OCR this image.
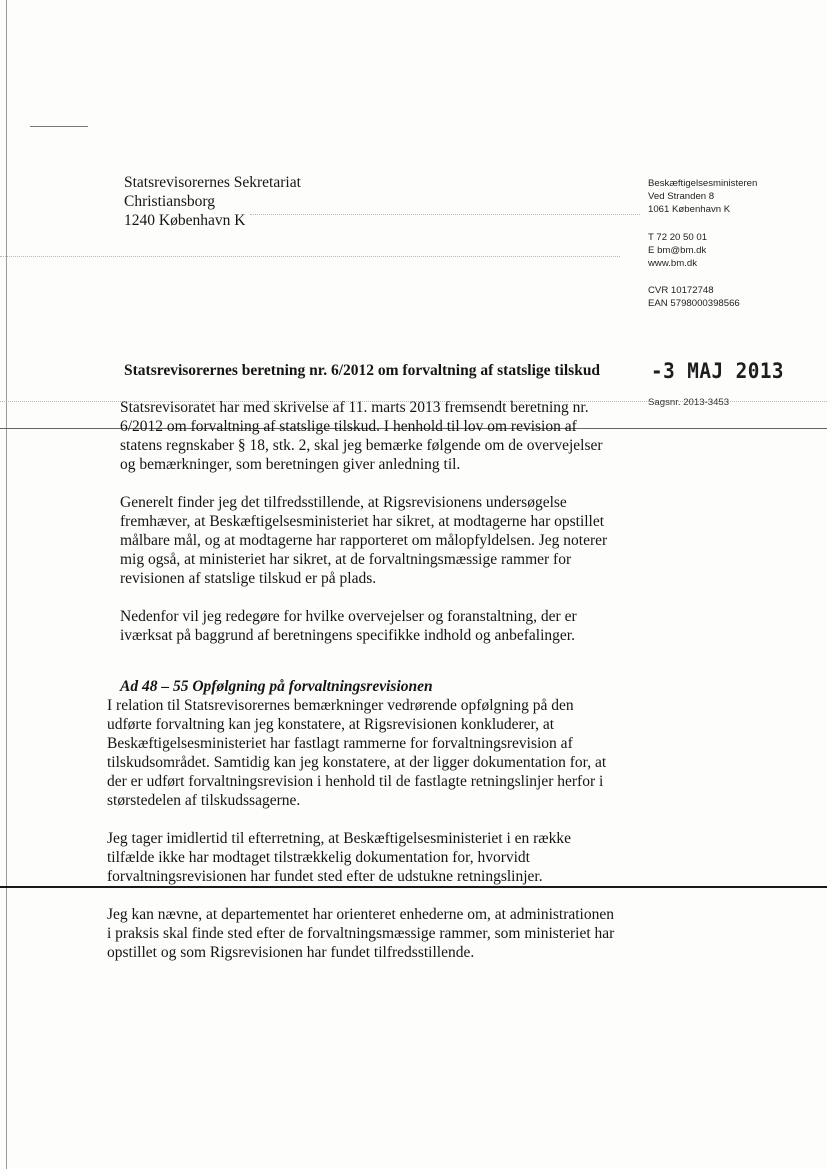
Statsrevisorernes Sekretariat
Christiansborg
1240 København K
Beskæftigelsesministeren
Ved Stranden 8
1061 København K
T 72 20 50 01
E bm@bm.dk
www.bm.dk
CVR 10172748
EAN 5798000398566
-3 MAJ 2013
Sagsnr. 2013-3453
Statsrevisorernes beretning nr. 6/2012 om forvaltning af statslige tilskud

Statsrevisoratet har med skrivelse af 11. marts 2013 fremsendt beretning nr. 6/2012 om forvaltning af statslige tilskud. I henhold til lov om revision af statens regnskaber § 18, stk. 2, skal jeg bemærke følgende om de overvejelser og bemærkninger, som beretningen giver anledning til.

Generelt finder jeg det tilfredsstillende, at Rigsrevisionens undersøgelse fremhæver, at Beskæftigelsesministeriet har sikret, at modtagerne har opstillet målbare mål, og at modtagerne har rapporteret om målopfyldelsen. Jeg noterer mig også, at ministeriet har sikret, at de forvaltningsmæssige rammer for revisionen af statslige tilskud er på plads.

Nedenfor vil jeg redegøre for hvilke overvejelser og foranstaltning, der er iværksat på baggrund af beretningens specifikke indhold og anbefalinger.

Ad 48 – 55 Opfølgning på forvaltningsrevisionen

I relation til Statsrevisorernes bemærkninger vedrørende opfølgning på den udførte forvaltning kan jeg konstatere, at Rigsrevisionen konkluderer, at Beskæftigelsesministeriet har fastlagt rammerne for forvaltningsrevision af tilskudsområdet. Samtidig kan jeg konstatere, at der ligger dokumentation for, at der er udført forvaltningsrevision i henhold til de fastlagte retningslinjer herfor i størstedelen af tilskudssagerne.

Jeg tager imidlertid til efterretning, at Beskæftigelsesministeriet i en række tilfælde ikke har modtaget tilstrækkelig dokumentation for, hvorvidt forvaltningsrevisionen har fundet sted efter de udstukne retningslinjer.

Jeg kan nævne, at departementet har orienteret enhederne om, at administrationen i praksis skal finde sted efter de forvaltningsmæssige rammer, som ministeriet har opstillet og som Rigsrevisionen har fundet tilfredsstillende.
